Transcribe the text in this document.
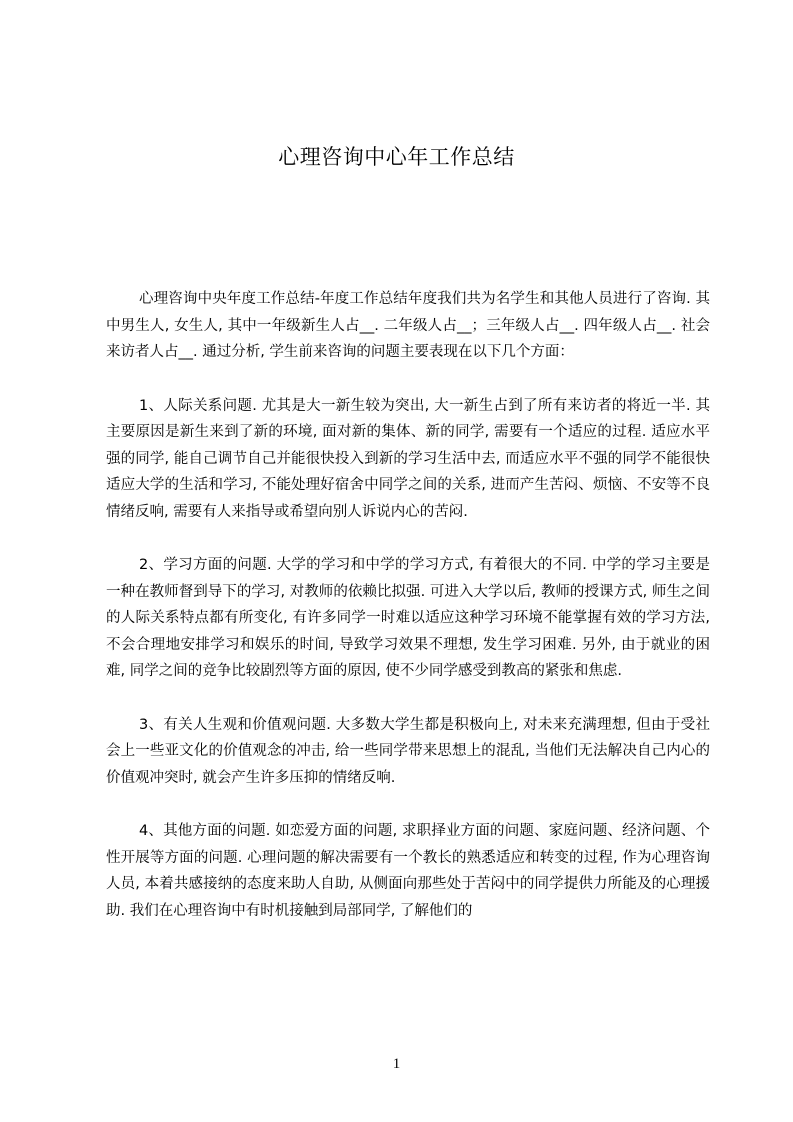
心理咨询中心年工作总结

心理咨询中央年度工作总结-年度工作总结年度我们共为名学生和其他人员进行了咨询. 其中男生人, 女生人, 其中一年级新生人占__. 二年级人占__；三年级人占__. 四年级人占__. 社会来访者人占__. 通过分析, 学生前来咨询的问题主要表现在以下几个方面：

1、人际关系问题. 尤其是大一新生较为突出, 大一新生占到了所有来访者的将近一半. 其主要原因是新生来到了新的环境, 面对新的集体、新的同学, 需要有一个适应的过程. 适应水平强的同学, 能自己调节自己并能很快投入到新的学习生活中去, 而适应水平不强的同学不能很快适应大学的生活和学习, 不能处理好宿舍中同学之间的关系, 进而产生苦闷、烦恼、不安等不良情绪反响, 需要有人来指导或希望向别人诉说内心的苦闷.

2、学习方面的问题. 大学的学习和中学的学习方式, 有着很大的不同. 中学的学习主要是一种在教师督到导下的学习, 对教师的依赖比拟强. 可进入大学以后, 教师的授课方式, 师生之间的人际关系特点都有所变化, 有许多同学一时难以适应这种学习环境不能掌握有效的学习方法, 不会合理地安排学习和娱乐的时间, 导致学习效果不理想, 发生学习困难. 另外, 由于就业的困难, 同学之间的竞争比较剧烈等方面的原因, 使不少同学感受到教高的紧张和焦虑.

3、有关人生观和价值观问题. 大多数大学生都是积极向上, 对未来充满理想, 但由于受社会上一些亚文化的价值观念的冲击, 给一些同学带来思想上的混乱, 当他们无法解决自己内心的价值观冲突时, 就会产生许多压抑的情绪反响.

4、其他方面的问题. 如恋爱方面的问题, 求职择业方面的问题、家庭问题、经济问题、个性开展等方面的问题. 心理问题的解决需要有一个教长的熟悉适应和转变的过程, 作为心理咨询人员, 本着共感接纳的态度来助人自助, 从侧面向那些处于苦闷中的同学提供力所能及的心理援助. 我们在心理咨询中有时机接触到局部同学, 了解他们的

1
